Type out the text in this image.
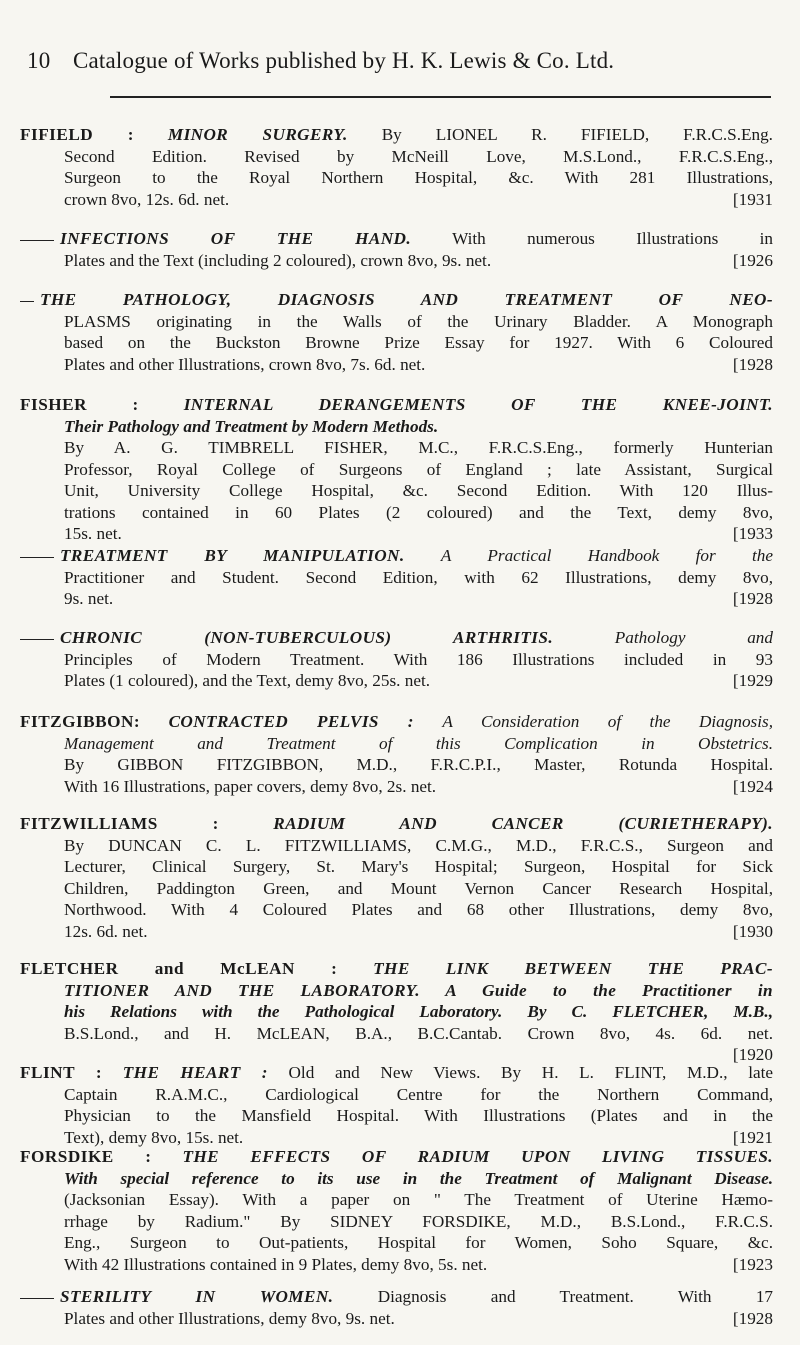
10 Catalogue of Works published by H. K. Lewis & Co. Ltd.
FIFIELD : MINOR SURGERY. By LIONEL R. FIFIELD, F.R.C.S.Eng.
Second Edition. Revised by McNeill Love, M.S.Lond., F.R.C.S.Eng.,
Surgeon to the Royal Northern Hospital, &c. With 281 Illustrations,
crown 8vo, 12s. 6d. net.	[1931
INFECTIONS OF THE HAND. With numerous Illustrations in
Plates and the Text (including 2 coloured), crown 8vo, 9s. net.	[1926
THE PATHOLOGY, DIAGNOSIS AND TREATMENT OF NEO-
PLASMS originating in the Walls of the Urinary Bladder. A Monograph
based on the Buckston Browne Prize Essay for 1927. With 6 Coloured
Plates and other Illustrations, crown 8vo, 7s. 6d. net.	[1928
FISHER :	INTERNAL DERANGEMENTS OF THE KNEE-JOINT.
Their Pathology and Treatment by Modern Methods.
By A. G. TIMBRELL FISHER, M.C., F.R.C.S.Eng., formerly Hunterian
Professor, Royal College of Surgeons of England ; late Assistant, Surgical
Unit, University College Hospital, &c. Second Edition. With 120 Illus-
trations contained in 60 Plates (2 coloured) and the Text, demy 8vo,
15s. net.	[1933
TREATMENT BY MANIPULATION. A Practical Handbook for the
Practitioner and Student. Second Edition, with 62 Illustrations, demy 8vo,
9s. net.	[1928
CHRONIC (NON-TUBERCULOUS) ARTHRITIS.	Pathology and
Principles of Modern Treatment. With 186 Illustrations included in 93
Plates (1 coloured), and the Text, demy 8vo, 25s. net.	[1929
FITZGIBBON: CONTRACTED PELVIS : A Consideration of the Diagnosis,
Management and Treatment of this Complication in Obstetrics.
By GIBBON FITZGIBBON, M.D., F.R.C.P.I., Master, Rotunda Hospital.
With 16 Illustrations, paper covers, demy 8vo, 2s. net.	[1924
FITZWILLIAMS :	RADIUM AND CANCER (CURIETHERAPY).
By DUNCAN C. L. FITZWILLIAMS, C.M.G., M.D., F.R.C.S., Surgeon and
Lecturer, Clinical Surgery, St. Mary's Hospital; Surgeon, Hospital for Sick
Children, Paddington Green, and Mount Vernon Cancer Research Hospital,
Northwood. With 4 Coloured Plates and 68 other Illustrations, demy 8vo,
12s. 6d. net.	[1930
FLETCHER and McLEAN : THE LINK BETWEEN THE PRAC-
TITIONER AND THE LABORATORY. A Guide to the Practitioner in
his Relations with the Pathological Laboratory. By C. FLETCHER, M.B.,
B.S.Lond., and H. McLEAN, B.A., B.C.Cantab. Crown 8vo, 4s. 6d. net.
[1920
FLINT : THE HEART : Old and New Views. By H. L. FLINT, M.D., late
Captain R.A.M.C., Cardiological Centre for the Northern Command,
Physician to the Mansfield Hospital. With Illustrations (Plates and in the
Text), demy 8vo, 15s. net.	[1921
FORSDIKE : THE EFFECTS OF RADIUM UPON LIVING TISSUES.
With special reference to its use in the Treatment of Malignant Disease.
(Jacksonian Essay). With a paper on " The Treatment of Uterine Hæmo-
rrhage by Radium." By SIDNEY FORSDIKE, M.D., B.S.Lond., F.R.C.S.
Eng., Surgeon to Out-patients, Hospital for Women, Soho Square, &c.
With 42 Illustrations contained in 9 Plates, demy 8vo, 5s. net.	[1923
STERILITY IN WOMEN.	Diagnosis and Treatment. With 17
Plates and other Illustrations, demy 8vo, 9s. net.	[1928
